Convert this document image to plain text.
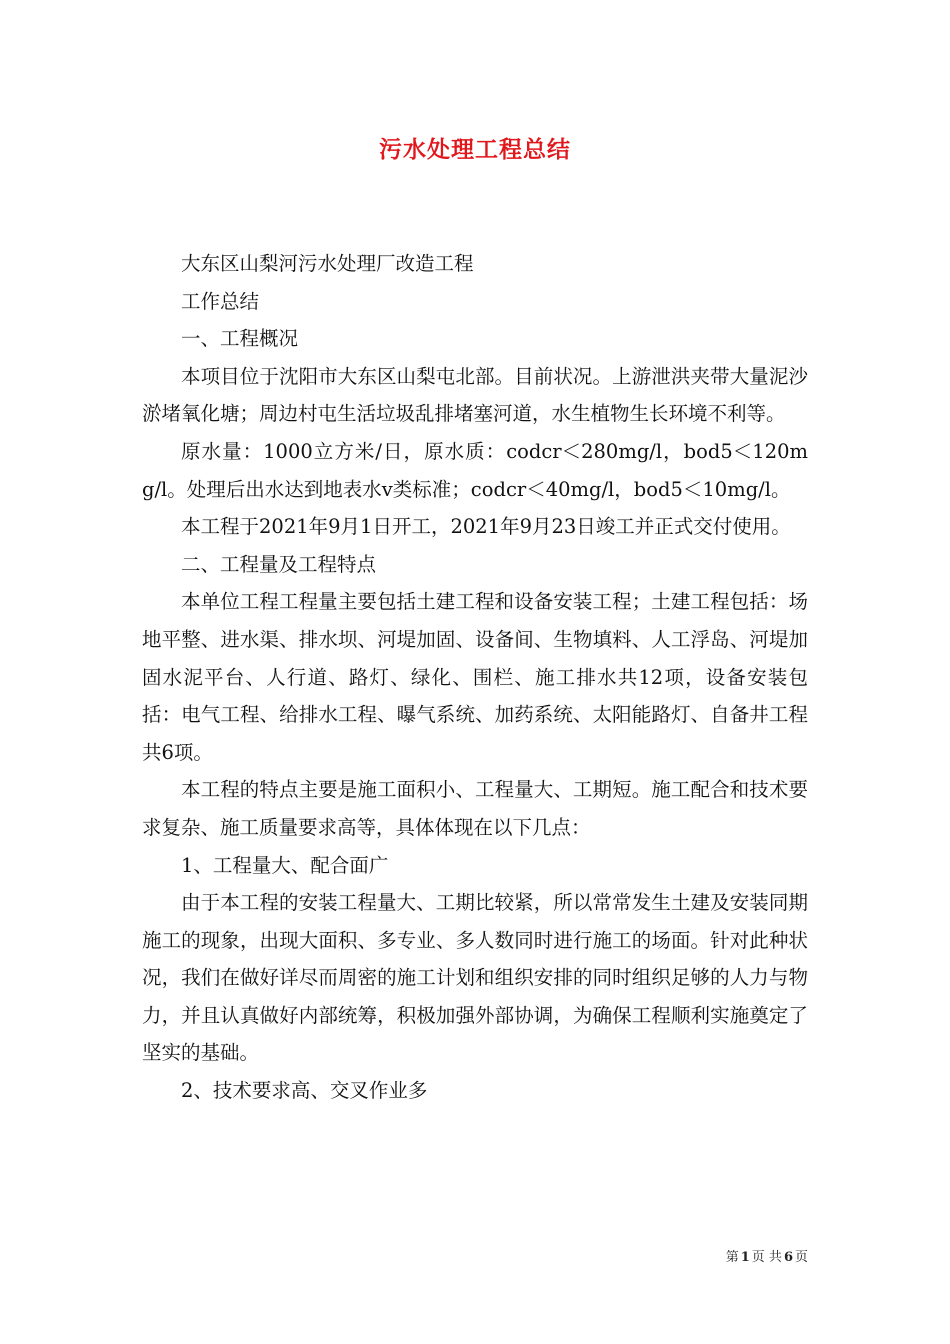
污水处理工程总结

大东区山梨河污水处理厂改造工程

工作总结

一、工程概况

本项目位于沈阳市大东区山梨屯北部。目前状况。上游泄洪夹带大量泥沙淤堵氧化塘；周边村屯生活垃圾乱排堵塞河道，水生植物生长环境不利等。

原水量：1000立方米/日，原水质：codcr＜280mg/l，bod5＜120mg/l。处理后出水达到地表水v类标准；codcr＜40mg/l，bod5＜10mg/l。

本工程于2021年9月1日开工，2021年9月23日竣工并正式交付使用。

二、工程量及工程特点

本单位工程工程量主要包括土建工程和设备安装工程；土建工程包括：场地平整、进水渠、排水坝、河堤加固、设备间、生物填料、人工浮岛、河堤加固水泥平台、人行道、路灯、绿化、围栏、施工排水共12项，设备安装包括：电气工程、给排水工程、曝气系统、加药系统、太阳能路灯、自备井工程共6项。

本工程的特点主要是施工面积小、工程量大、工期短。施工配合和技术要求复杂、施工质量要求高等，具体体现在以下几点：

1、工程量大、配合面广

由于本工程的安装工程量大、工期比较紧，所以常常发生土建及安装同期施工的现象，出现大面积、多专业、多人数同时进行施工的场面。针对此种状况，我们在做好详尽而周密的施工计划和组织安排的同时组织足够的人力与物力，并且认真做好内部统筹，积极加强外部协调，为确保工程顺利实施奠定了坚实的基础。

2、技术要求高、交叉作业多

第 1 页 共 6 页
